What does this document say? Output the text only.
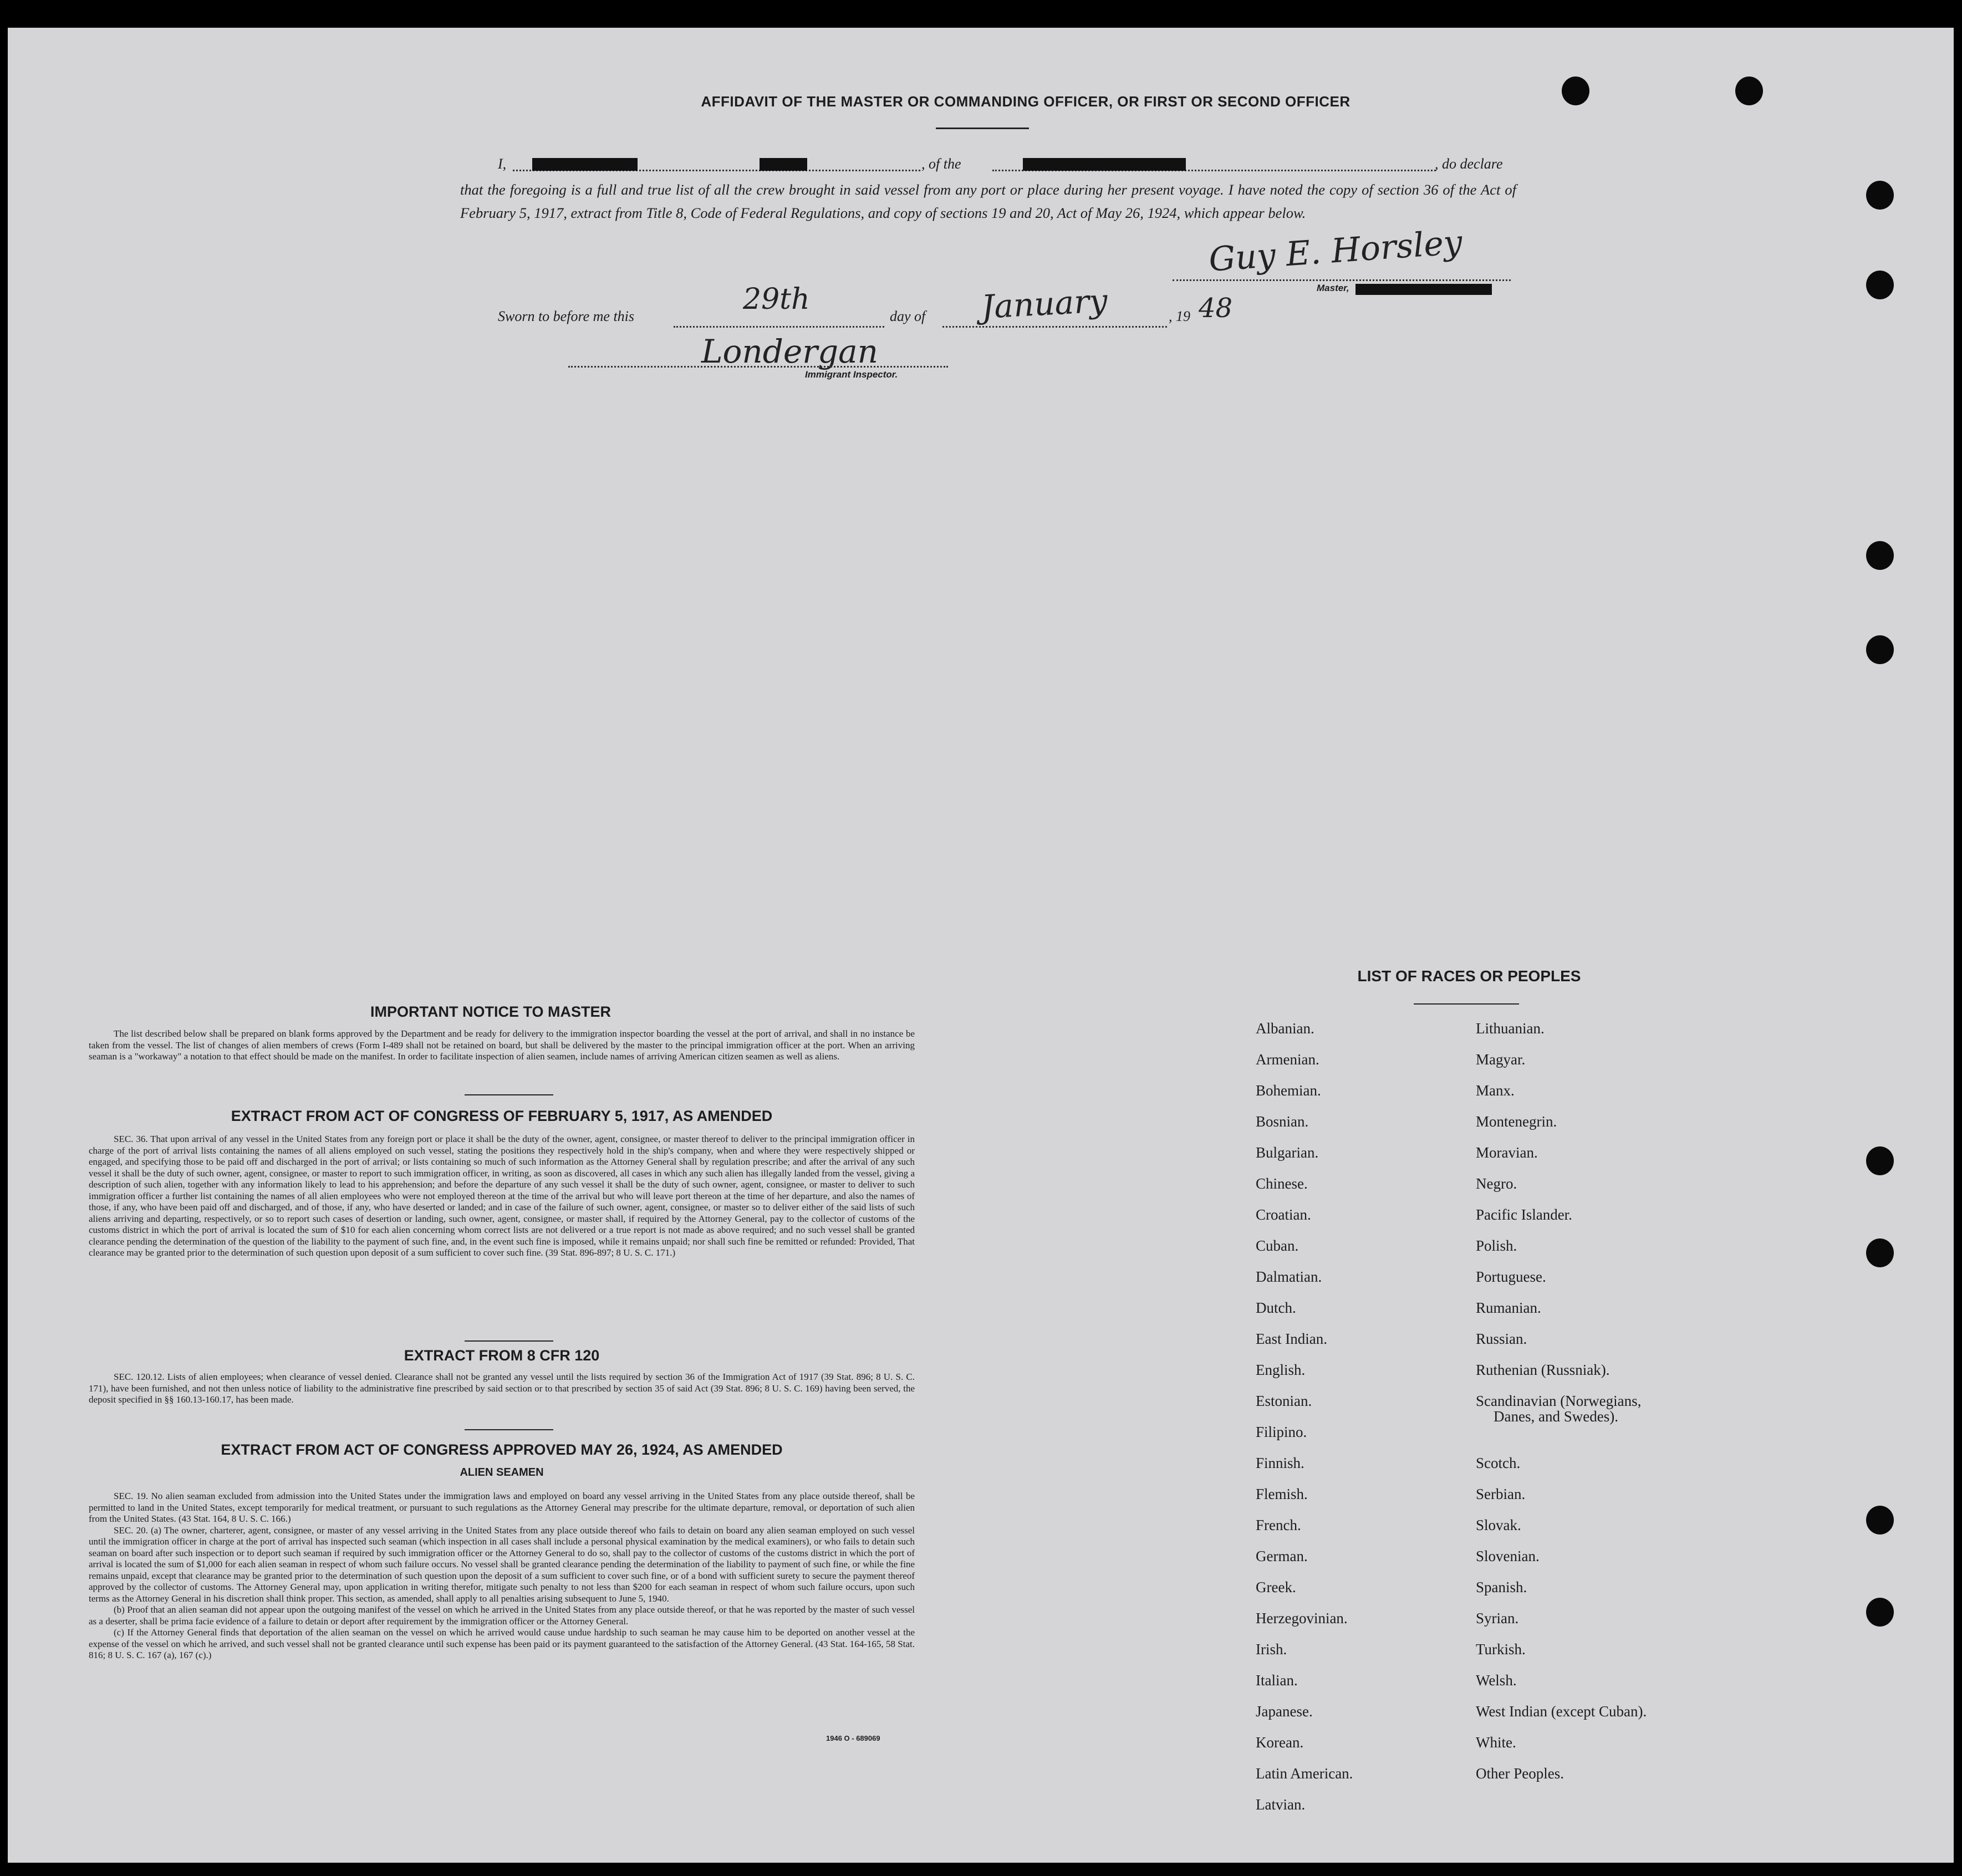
AFFIDAVIT OF THE MASTER OR COMMANDING OFFICER, OR FIRST OR SECOND OFFICER
I,	GUY E. HORSLEY	MASTER	, of the	AMERICAN SS EVANGELINE	, do declare
that the foregoing is a full and true list of all the crew brought in said vessel from any port or place during her present voyage. I have noted the copy of section 36 of the Act of February 5, 1917, extract from Title 8, Code of Federal Regulations, and copy of sections 19 and 20, Act of May 26, 1924, which appear below.
Guy E. Horsley
Master,
Sworn to before me this
29th
day of January	, 19 48
Londergan
Immigrant Inspector.
IMPORTANT NOTICE TO MASTER
The list described below shall be prepared on blank forms approved by the Department and be ready for delivery to the immigration inspector boarding the vessel at the port of arrival, and shall in no instance be taken from the vessel. The list of changes of alien members of crews (Form I-489 shall not be retained on board, but shall be delivered by the master to the principal immigration officer at the port. When an arriving seaman is a "workaway" a notation to that effect should be made on the manifest. In order to facilitate inspection of alien seamen, include names of arriving American citizen seamen as well as aliens.
EXTRACT FROM ACT OF CONGRESS OF FEBRUARY 5, 1917, AS AMENDED
SEC. 36. That upon arrival of any vessel in the United States from any foreign port or place it shall be the duty of the owner, agent, consignee, or master thereof to deliver to the principal immigration officer in charge of the port of arrival lists containing the names of all aliens employed on such vessel, stating the positions they respectively hold in the ship's company, when and where they were respectively shipped or engaged, and specifying those to be paid off and discharged in the port of arrival; or lists containing so much of such information as the Attorney General shall by regulation prescribe; and after the arrival of any such vessel it shall be the duty of such owner, agent, consignee, or master to report to such immigration officer, in writing, as soon as discovered, all cases in which any such alien has illegally landed from the vessel, giving a description of such alien, together with any information likely to lead to his apprehension; and before the departure of any such vessel it shall be the duty of such owner, agent, consignee, or master to deliver to such immigration officer a further list containing the names of all alien employees who were not employed thereon at the time of the arrival but who will leave port thereon at the time of her departure, and also the names of those, if any, who have been paid off and discharged, and of those, if any, who have deserted or landed; and in case of the failure of such owner, agent, consignee, or master so to deliver either of the said lists of such aliens arriving and departing, respectively, or so to report such cases of desertion or landing, such owner, agent, consignee, or master shall, if required by the Attorney General, pay to the collector of customs of the customs district in which the port of arrival is located the sum of $10 for each alien concerning whom correct lists are not delivered or a true report is not made as above required; and no such vessel shall be granted clearance pending the determination of the question of the liability to the payment of such fine, and, in the event such fine is imposed, while it remains unpaid; nor shall such fine be remitted or refunded: Provided, That clearance may be granted prior to the determination of such question upon deposit of a sum sufficient to cover such fine. (39 Stat. 896-897; 8 U. S. C. 171.)
EXTRACT FROM 8 CFR 120
SEC. 120.12. Lists of alien employees; when clearance of vessel denied. Clearance shall not be granted any vessel until the lists required by section 36 of the Immigration Act of 1917 (39 Stat. 896; 8 U. S. C. 171), have been furnished, and not then unless notice of liability to the administrative fine prescribed by said section or to that prescribed by section 35 of said Act (39 Stat. 896; 8 U. S. C. 169) having been served, the deposit specified in §§ 160.13-160.17, has been made.
EXTRACT FROM ACT OF CONGRESS APPROVED MAY 26, 1924, AS AMENDED
ALIEN SEAMEN
SEC. 19. No alien seaman excluded from admission into the United States under the immigration laws and employed on board any vessel arriving in the United States from any place outside thereof, shall be permitted to land in the United States, except temporarily for medical treatment, or pursuant to such regulations as the Attorney General may prescribe for the ultimate departure, removal, or deportation of such alien from the United States. (43 Stat. 164, 8 U. S. C. 166.)
SEC. 20. (a) The owner, charterer, agent, consignee, or master of any vessel arriving in the United States from any place outside thereof who fails to detain on board any alien seaman employed on such vessel until the immigration officer in charge at the port of arrival has inspected such seaman (which inspection in all cases shall include a personal physical examination by the medical examiners), or who fails to detain such seaman on board after such inspection or to deport such seaman if required by such immigration officer or the Attorney General to do so, shall pay to the collector of customs of the customs district in which the port of arrival is located the sum of $1,000 for each alien seaman in respect of whom such failure occurs. No vessel shall be granted clearance pending the determination of the liability to payment of such fine, or while the fine remains unpaid, except that clearance may be granted prior to the determination of such question upon the deposit of a sum sufficient to cover such fine, or of a bond with sufficient surety to secure the payment thereof approved by the collector of customs. The Attorney General may, upon application in writing therefor, mitigate such penalty to not less than $200 for each seaman in respect of whom such failure occurs, upon such terms as the Attorney General in his discretion shall think proper. This section, as amended, shall apply to all penalties arising subsequent to June 5, 1940.
(b) Proof that an alien seaman did not appear upon the outgoing manifest of the vessel on which he arrived in the United States from any place outside thereof, or that he was reported by the master of such vessel as a deserter, shall be prima facie evidence of a failure to detain or deport after requirement by the immigration officer or the Attorney General.
(c) If the Attorney General finds that deportation of the alien seaman on the vessel on which he arrived would cause undue hardship to such seaman he may cause him to be deported on another vessel at the expense of the vessel on which he arrived, and such vessel shall not be granted clearance until such expense has been paid or its payment guaranteed to the satisfaction of the Attorney General. (43 Stat. 164-165, 58 Stat. 816; 8 U. S. C. 167 (a), 167 (c).)
1946 O - 689069
LIST OF RACES OR PEOPLES
Albanian.
Armenian.
Bohemian.
Bosnian.
Bulgarian.
Chinese.
Croatian.
Cuban.
Dalmatian.
Dutch.
East Indian.
English.
Estonian.
Filipino.
Finnish.
Flemish.
French.
German.
Greek.
Herzegovinian.
Irish.
Italian.
Japanese.
Korean.
Latin American.
Latvian.
Lithuanian.
Magyar.
Manx.
Montenegrin.
Moravian.
Negro.
Pacific Islander.
Polish.
Portuguese.
Rumanian.
Russian.
Ruthenian (Russniak).
Scandinavian (Norwegians,
Danes, and Swedes).
Scotch.
Serbian.
Slovak.
Slovenian.
Spanish.
Syrian.
Turkish.
Welsh.
West Indian (except Cuban).
White.
Other Peoples.
